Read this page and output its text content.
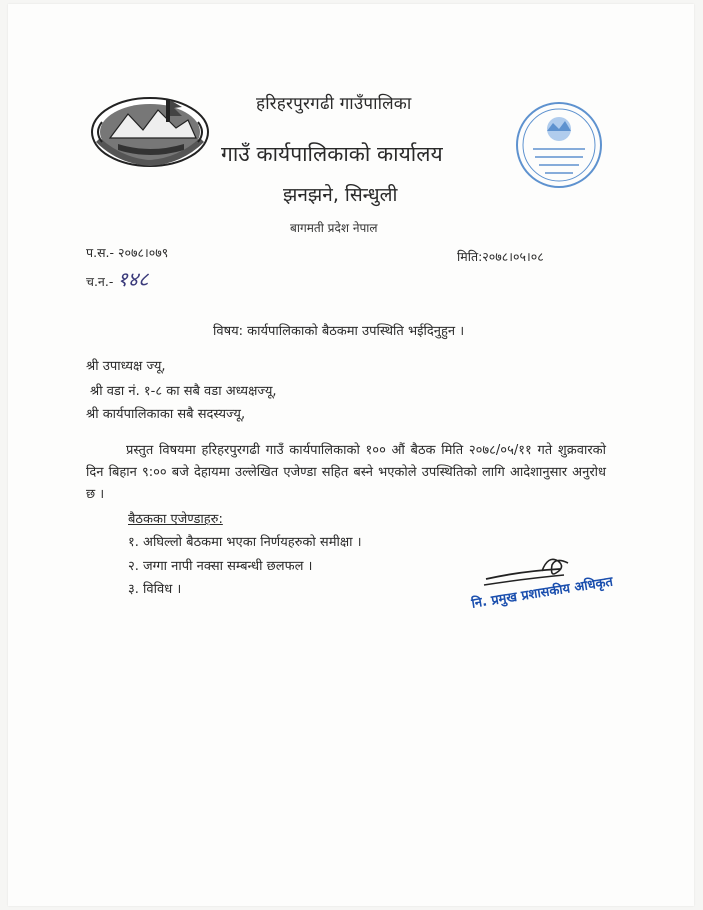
हरिहरपुरगढी गाउँपालिका
गाउँ कार्यपालिकाको कार्यालय
झनझने, सिन्धुली
बागमती प्रदेश नेपाल
प.स.- २०७८।०७९
च.न.- १४८
मिति:२०७८।०५।०८
विषय: कार्यपालिकाको बैठकमा उपस्थिति भईदिनुहुन ।
श्री उपाध्यक्ष ज्यू,
श्री वडा नं. १-८ का सबै वडा अध्यक्षज्यू,
श्री कार्यपालिकाका सबै सदस्यज्यू,
प्रस्तुत विषयमा हरिहरपुरगढी गाउँ कार्यपालिकाको १०० औं बैठक मिति २०७८/०५/११ गते शुक्रवारको दिन बिहान ९:०० बजे देहायमा उल्लेखित एजेण्डा सहित बस्ने भएकोले उपस्थितिको लागि आदेशानुसार अनुरोध छ ।
बैठकका एजेण्डाहरु:
१. अघिल्लो बैठकमा भएका निर्णयहरुको समीक्षा ।
२. जग्गा नापी नक्सा सम्बन्धी छलफल ।
३. विविध ।	नि. प्रमुख प्रशासकीय अधिकृत
